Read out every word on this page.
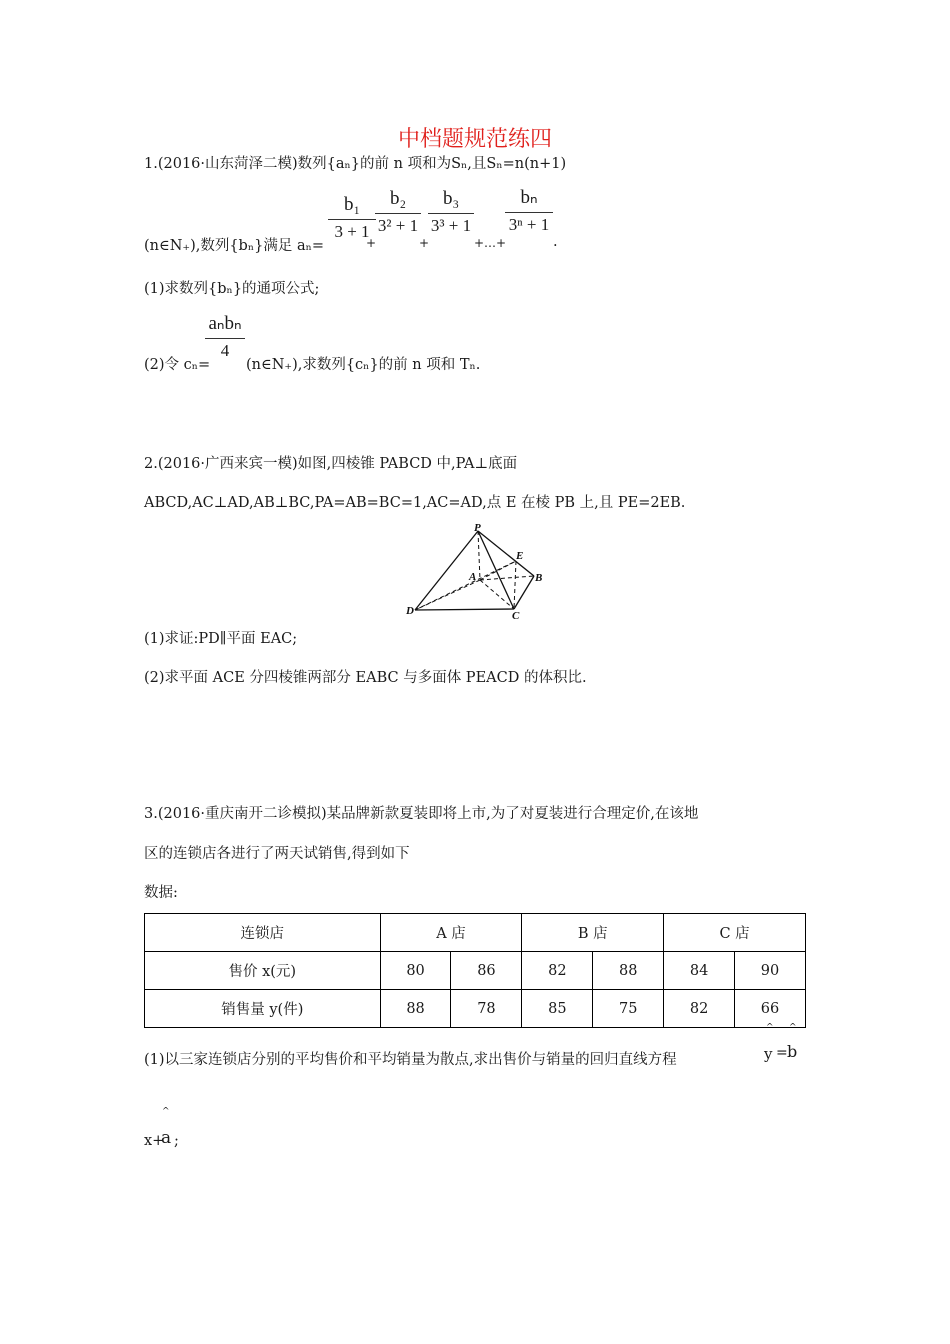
中档题规范练四
1.(2016·山东菏泽二模)数列{aₙ}的前 n 项和为Sₙ,且Sₙ=n(n+1)
$\frac{\text{b₁}}{3 + 1}$
+
$\frac{\text{b₂}}{\text{3² + 1}}$
+
$\frac{\text{b₃}}{\text{3³ + 1}}$
+…+
$\frac{\text{bₙ}}{\text{3ⁿ + 1}}$
.
(n∈N₊),数列{bₙ}满足 aₙ=
(1)求数列{bₙ}的通项公式;
(2)令 cₙ=
aₙbₙ
4
(n∈N₊),求数列{cₙ}的前 n 项和 Tₙ.
2.(2016·广西来宾一模)如图,四棱锥 PABCD 中,PA⊥底面
ABCD,AC⊥AD,AB⊥BC,PA=AB=BC=1,AC=AD,点 E 在棱 PB 上,且 PE=2EB.
P
E
A	B
D	C
(1)求证:PD∥平面 EAC;
(2)求平面 ACE 分四棱锥两部分 EABC 与多面体 PEACD 的体积比.
3.(2016·重庆南开二诊模拟)某品牌新款夏装即将上市,为了对夏装进行合理定价,在该地
区的连锁店各进行了两天试销售,得到如下
数据:
连锁店	A 店		B 店		C 店	
售价 x(元)	80	86	82	88	84	90
销售量 y(件)	88	78	85	75	82	66
(1)以三家连锁店分别的平均售价和平均销量为散点,求出售价与销量的回归直线方程
^ ^
y = b
^
x+
a ;
